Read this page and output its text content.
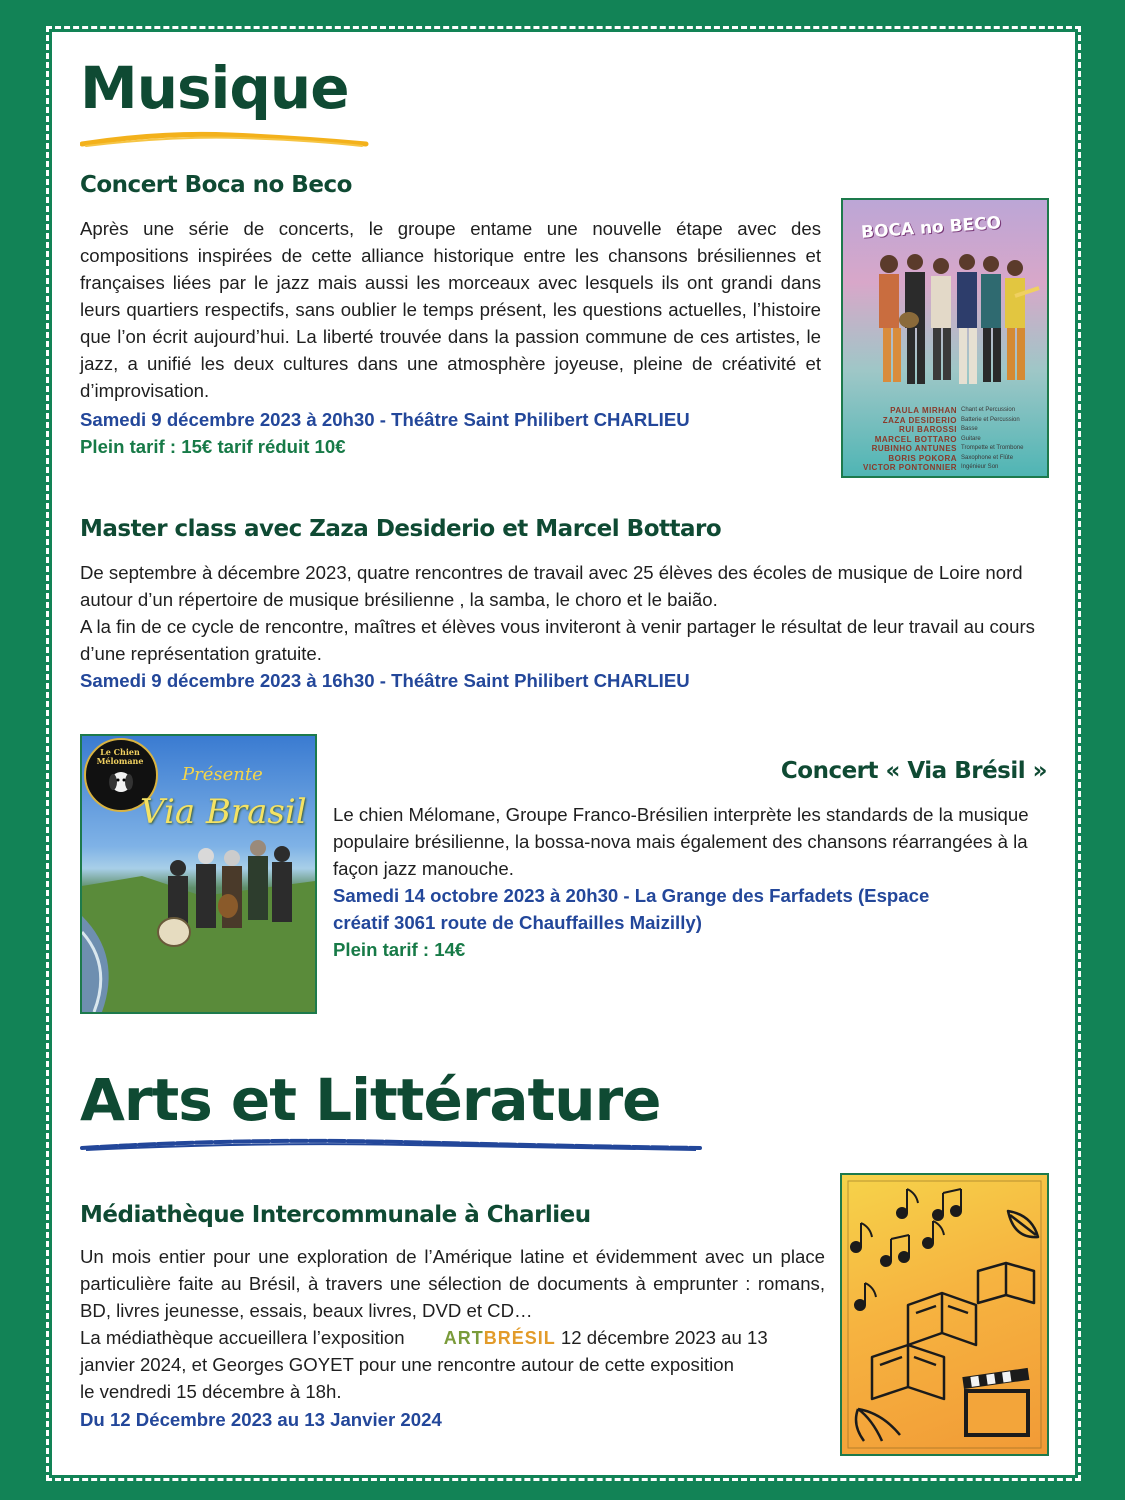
Musique
Concert Boca no Beco

Après une série de concerts, le groupe entame une nouvelle étape avec des compositions inspirées de cette alliance historique entre les chansons brésiliennes et françaises liées par le jazz mais aussi les morceaux avec lesquels ils ont grandi dans leurs quartiers respectifs, sans oublier le temps présent, les questions actuelles, l’histoire que l’on écrit aujourd’hui. La liberté trouvée dans la passion commune de ces artistes, le jazz, a unifié les deux cultures dans une atmosphère joyeuse, pleine de créativité et d’improvisation.

Samedi 9 décembre 2023 à 20h30 - Théâtre Saint Philibert CHARLIEU

Plein tarif : 15€ tarif réduit 10€

BOCA no BECO
PAULA MIRHAN Chant et Percussion
ZAZA DESIDERIO Batterie et Percussion
RUI BAROSSI Basse
MARCEL BOTTARO Guitare
RUBINHO ANTUNES Trompette et Trombone
BORIS POKORA Saxophone et Flûte
VICTOR PONTONNIER Ingénieur Son
Master class avec Zaza Desiderio et Marcel Bottaro

De septembre à décembre 2023, quatre rencontres de travail avec 25 élèves des écoles de musique de Loire nord autour d’un répertoire de musique brésilienne , la samba, le choro et le baião.

A la fin de ce cycle de rencontre, maîtres et élèves vous inviteront à venir partager le résultat de leur travail au cours d’une représentation gratuite.

Samedi 9 décembre 2023 à 16h30 - Théâtre Saint Philibert CHARLIEU

Le Chien Mélomane
Présente
Via Brasil
Concert « Via Brésil »

Le chien Mélomane, Groupe Franco-Brésilien interprète les standards de la musique populaire brésilienne, la bossa-nova mais également des chansons réarrangées à la façon jazz manouche.

Samedi 14 octobre 2023 à 20h30 - La Grange des Farfadets (Espace

créatif 3061 route de Chauffailles Maizilly)

Plein tarif : 14€

Arts et Littérature
Médiathèque Intercommunale à Charlieu

Un mois entier pour une exploration de l’Amérique latine et évidemment avec un place particulière faite au Brésil, à travers une sélection de documents à emprunter : romans, BD, livres jeunesse, essais, beaux livres, DVD et CD…

La médiathèque accueillera l’exposition ARTBRÉSIL 12 décembre 2023 au 13

janvier 2024, et Georges GOYET pour une rencontre autour de cette exposition

le vendredi 15 décembre à 18h.

Du 12 Décembre 2023 au 13 Janvier 2024
